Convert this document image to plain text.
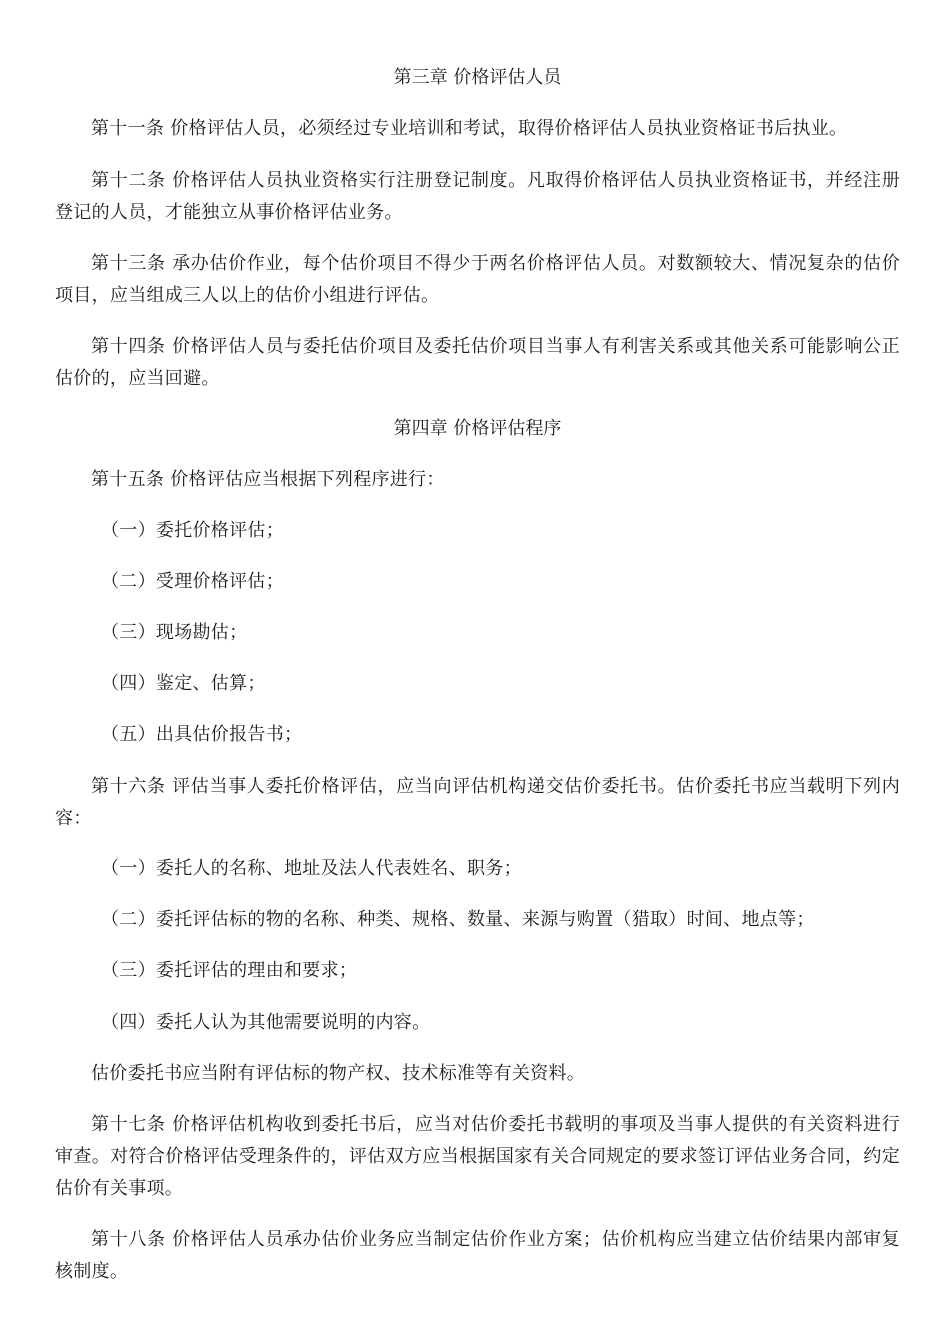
第三章 价格评估人员

第十一条 价格评估人员，必须经过专业培训和考试，取得价格评估人员执业资格证书后执业。

第十二条 价格评估人员执业资格实行注册登记制度。凡取得价格评估人员执业资格证书，并经注册登记的人员，才能独立从事价格评估业务。

第十三条 承办估价作业，每个估价项目不得少于两名价格评估人员。对数额较大、情况复杂的估价项目，应当组成三人以上的估价小组进行评估。

第十四条 价格评估人员与委托估价项目及委托估价项目当事人有利害关系或其他关系可能影响公正估价的，应当回避。

第四章 价格评估程序

第十五条 价格评估应当根据下列程序进行：

（一）委托价格评估；

（二）受理价格评估；

（三）现场勘估；

（四）鉴定、估算；

（五）出具估价报告书；

第十六条 评估当事人委托价格评估，应当向评估机构递交估价委托书。估价委托书应当载明下列内容：

（一）委托人的名称、地址及法人代表姓名、职务；

（二）委托评估标的物的名称、种类、规格、数量、来源与购置（猎取）时间、地点等；

（三）委托评估的理由和要求；

（四）委托人认为其他需要说明的内容。

估价委托书应当附有评估标的物产权、技术标准等有关资料。

第十七条 价格评估机构收到委托书后，应当对估价委托书载明的事项及当事人提供的有关资料进行审查。对符合价格评估受理条件的，评估双方应当根据国家有关合同规定的要求签订评估业务合同，约定估价有关事项。

第十八条 价格评估人员承办估价业务应当制定估价作业方案；估价机构应当建立估价结果内部审复核制度。
